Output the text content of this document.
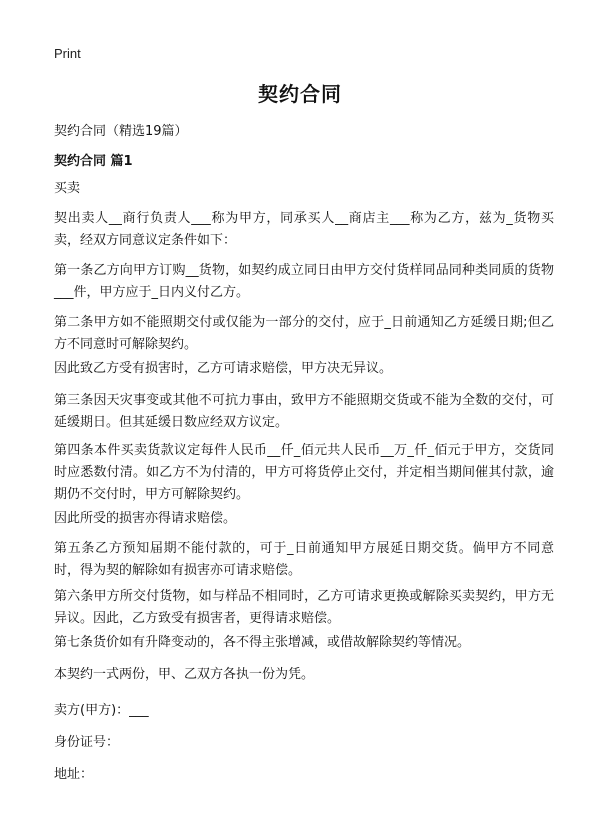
Print
契约合同
契约合同（精选19篇）
契约合同 篇1
买卖
契出卖人__商行负责人___称为甲方，同承买人__商店主___称为乙方，兹为_货物买卖，经双方同意议定条件如下：
第一条乙方向甲方订购__货物，如契约成立同日由甲方交付货样同品同种类同质的货物___件，甲方应于_日内义付乙方。
第二条甲方如不能照期交付或仅能为一部分的交付，应于_日前通知乙方延缓日期;但乙方不同意时可解除契约。
因此致乙方受有损害时，乙方可请求赔偿，甲方决无异议。
第三条因天灾事变或其他不可抗力事由，致甲方不能照期交货或不能为全数的交付，可延缓期日。但其延缓日数应经双方议定。
第四条本件买卖货款议定每件人民币__仟_佰元共人民币__万_仟_佰元于甲方，交货同时应悉数付清。如乙方不为付清的，甲方可将货停止交付，并定相当期间催其付款，逾期仍不交付时，甲方可解除契约。
因此所受的损害亦得请求赔偿。
第五条乙方预知届期不能付款的，可于_日前通知甲方展延日期交货。倘甲方不同意时，得为契的解除如有损害亦可请求赔偿。
第六条甲方所交付货物，如与样品不相同时，乙方可请求更换或解除买卖契约，甲方无异议。因此，乙方致受有损害者，更得请求赔偿。
第七条货价如有升降变动的，各不得主张增减，或借故解除契约等情况。
本契约一式两份，甲、乙双方各执一份为凭。
卖方(甲方)：___
身份证号：
地址：
